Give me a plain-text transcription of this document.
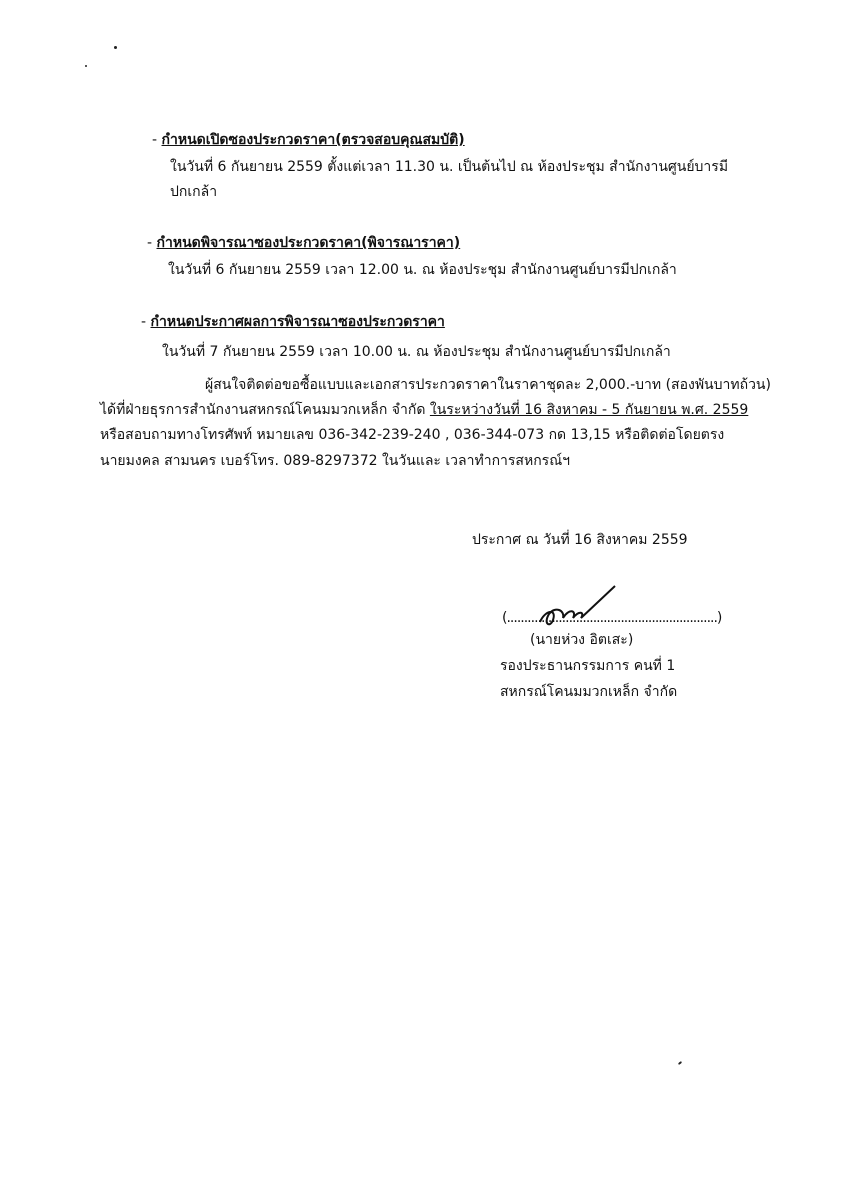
- กำหนดเปิดซองประกวดราคา(ตรวจสอบคุณสมบัติ)
ในวันที่ 6 กันยายน 2559 ตั้งแต่เวลา 11.30 น. เป็นต้นไป ณ ห้องประชุม สำนักงานศูนย์บารมี
ปกเกล้า
- กำหนดพิจารณาซองประกวดราคา(พิจารณาราคา)
ในวันที่ 6 กันยายน 2559 เวลา 12.00 น. ณ ห้องประชุม สำนักงานศูนย์บารมีปกเกล้า
- กำหนดประกาศผลการพิจารณาซองประกวดราคา
ในวันที่ 7 กันยายน 2559 เวลา 10.00 น. ณ ห้องประชุม สำนักงานศูนย์บารมีปกเกล้า
ผู้สนใจติดต่อขอซื้อแบบและเอกสารประกวดราคาในราคาชุดละ 2,000.-บาท (สองพันบาทถ้วน)
ได้ที่ฝ่ายธุรการสำนักงานสหกรณ์โคนมมวกเหล็ก จำกัด ในระหว่างวันที่ 16 สิงหาคม - 5 กันยายน พ.ศ. 2559
หรือสอบถามทางโทรศัพท์ หมายเลข 036-342-239-240 , 036-344-073 กด 13,15 หรือติดต่อโดยตรง
นายมงคล สามนคร เบอร์โทร. 089-8297372 ในวันและ เวลาทำการสหกรณ์ฯ
ประกาศ ณ วันที่ 16 สิงหาคม 2559
(.............................................................)
(นายห่วง อิตเสะ)
รองประธานกรรมการ คนที่ 1
สหกรณ์โคนมมวกเหล็ก จำกัด
